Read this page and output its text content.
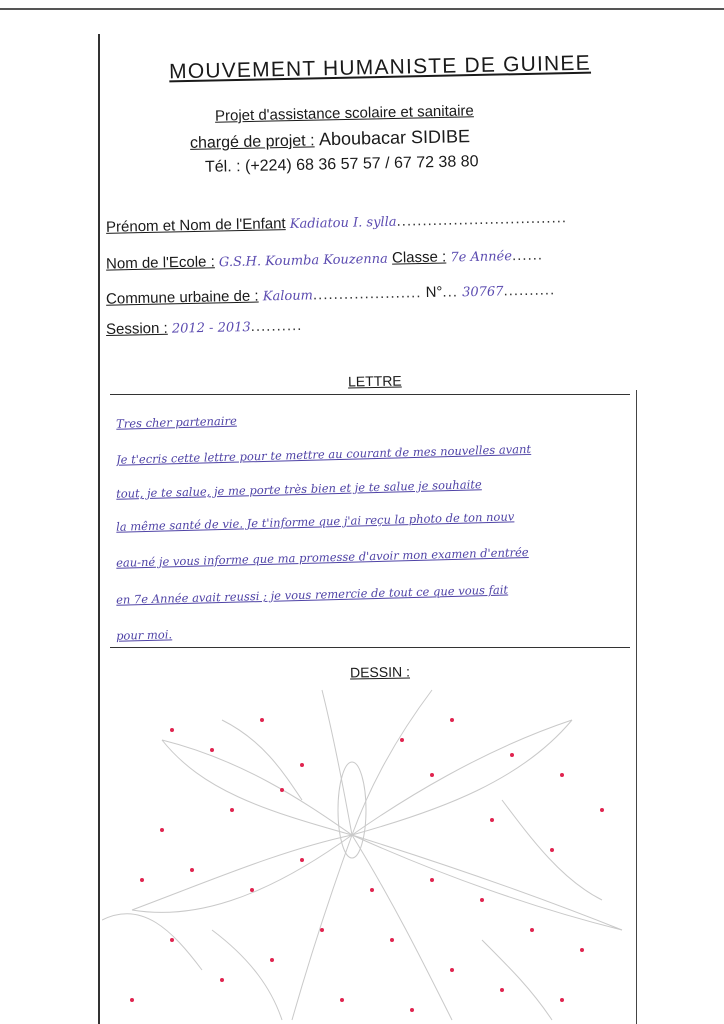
MOUVEMENT HUMANISTE DE GUINEE
Projet d'assistance scolaire et sanitaire
chargé de projet : Aboubacar SIDIBE
Tél. : (+224) 68 36 57 57 / 67 72 38 80
Prénom et Nom de l'Enfant Kadiatou I. sylla.................................
Nom de l'Ecole : G.S.H. Koumba Kouzenna Classe : 7e Année......
Commune urbaine de : Kaloum..................... N°... 30767..........
Session : 2012 - 2013..........
LETTRE
Tres cher partenaire
Je t'ecris cette lettre pour te mettre au courant de mes nouvelles avant
tout, je te salue, je me porte très bien et je te salue je souhaite
la même santé de vie. Je t'informe que j'ai reçu la photo de ton nouv
eau-né je vous informe que ma promesse d'avoir mon examen d'entrée
en 7e Année avait reussi ; je vous remercie de tout ce que vous fait
pour moi.
DESSIN :
